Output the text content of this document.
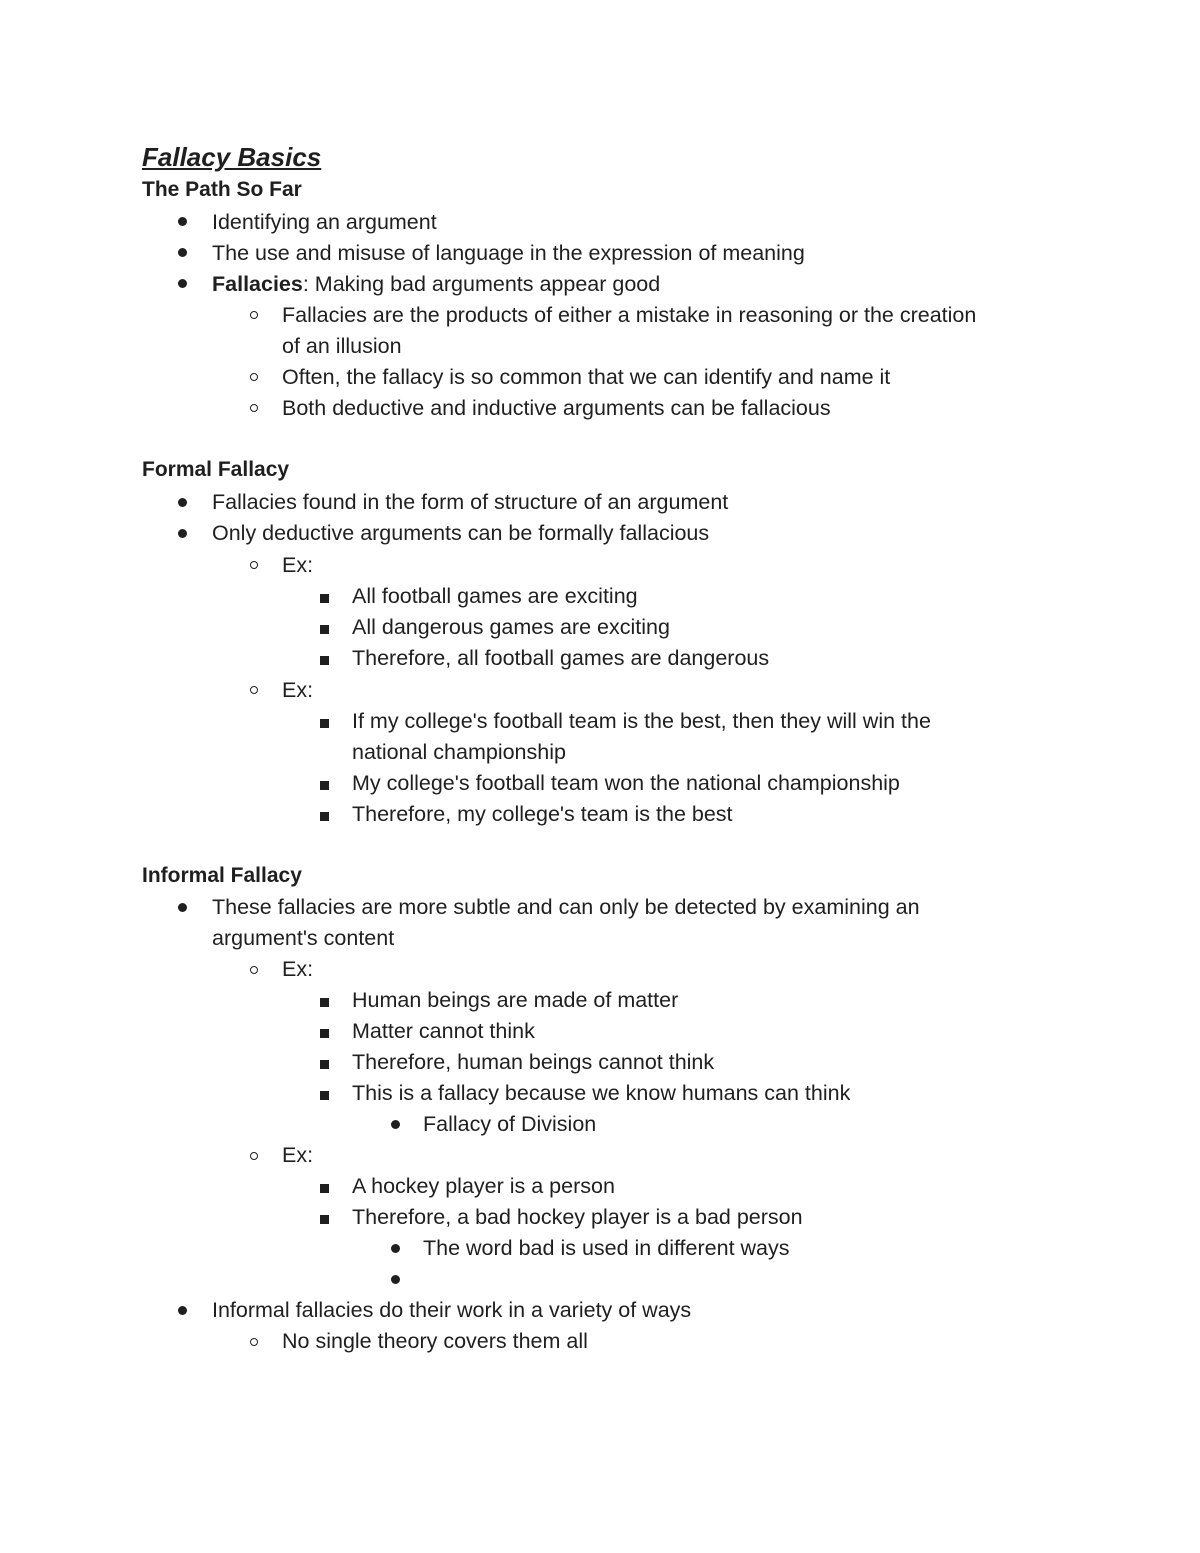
Fallacy Basics
The Path So Far
Identifying an argument
The use and misuse of language in the expression of meaning
Fallacies: Making bad arguments appear good
Fallacies are the products of either a mistake in reasoning or the creation
of an illusion
Often, the fallacy is so common that we can identify and name it
Both deductive and inductive arguments can be fallacious
Formal Fallacy
Fallacies found in the form of structure of an argument
Only deductive arguments can be formally fallacious
Ex:
All football games are exciting
All dangerous games are exciting
Therefore, all football games are dangerous
Ex:
If my college's football team is the best, then they will win the
national championship
My college's football team won the national championship
Therefore, my college's team is the best
Informal Fallacy
These fallacies are more subtle and can only be detected by examining an
argument's content
Ex:
Human beings are made of matter
Matter cannot think
Therefore, human beings cannot think
This is a fallacy because we know humans can think
Fallacy of Division
Ex:
A hockey player is a person
Therefore, a bad hockey player is a bad person
The word bad is used in different ways
Informal fallacies do their work in a variety of ways
No single theory covers them all
